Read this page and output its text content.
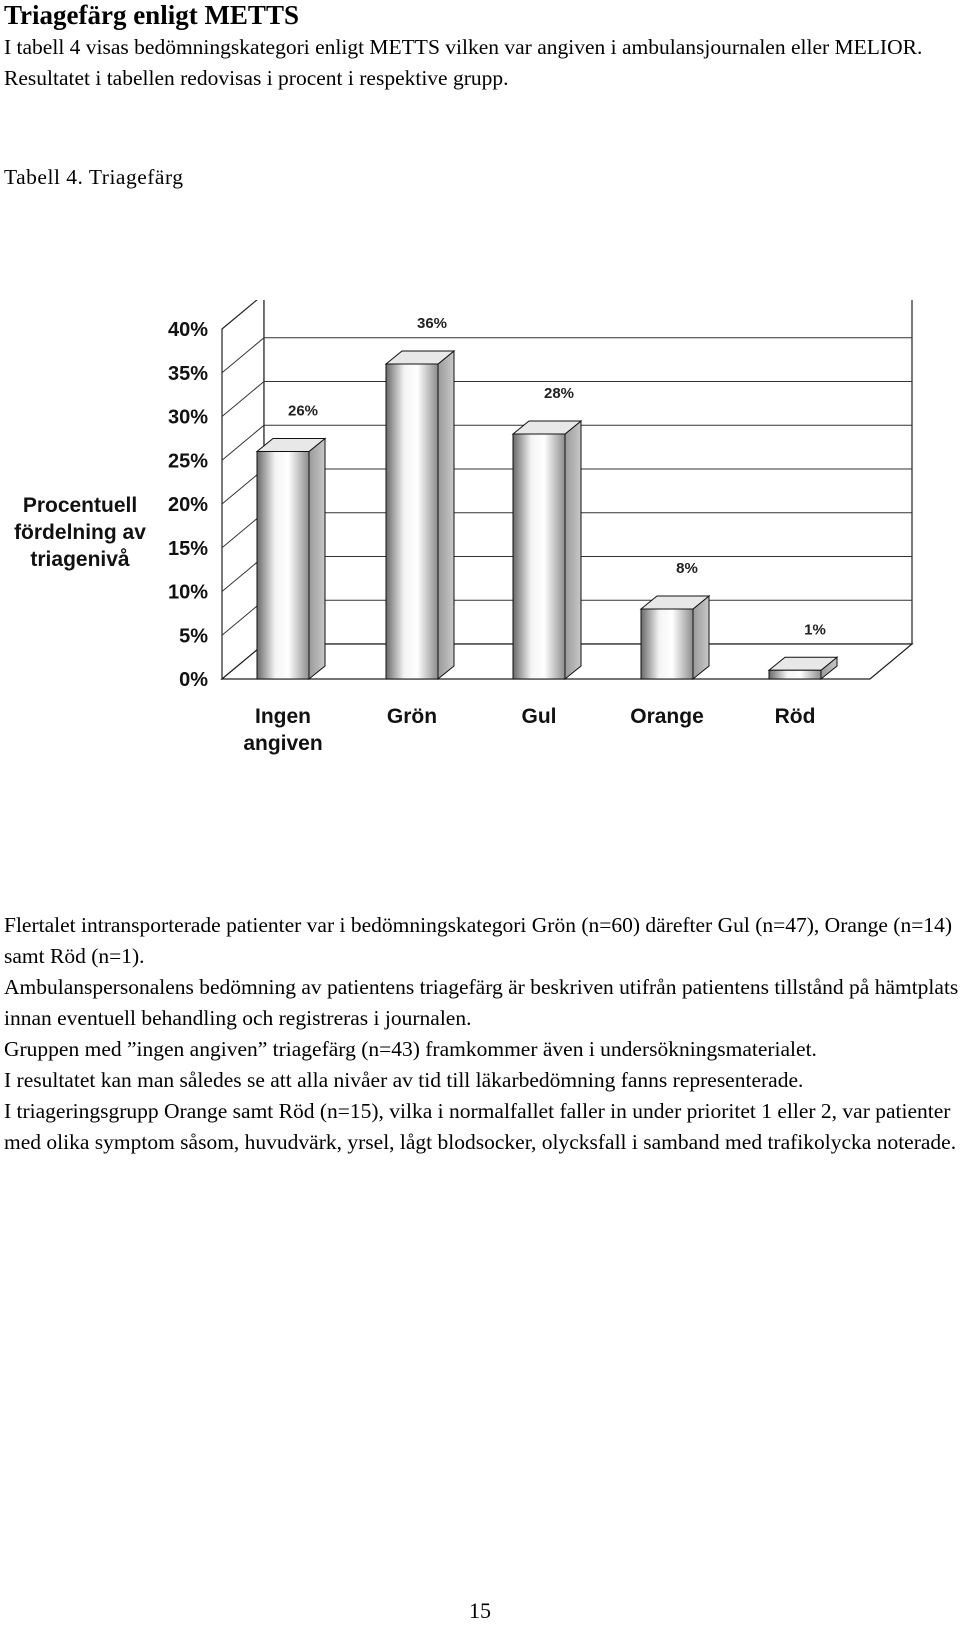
Triagefärg enligt METTS

I tabell 4 visas bedömningskategori enligt METTS vilken var angiven i ambulansjournalen eller MELIOR. Resultatet i tabellen redovisas i procent i respektive grupp.

Tabell 4. Triagefärg

Procentuell
fördelning av
triagenivå
0%
5%
10%
15%
20%
25%
30%
35%
40%
26%
36%
28%
8%
1%
Ingen
angiven
Grön	Gul	Orange	Röd

Flertalet intransporterade patienter var i bedömningskategori Grön (n=60) därefter Gul (n=47), Orange (n=14) samt Röd (n=1).

Ambulanspersonalens bedömning av patientens triagefärg är beskriven utifrån patientens tillstånd på hämtplats innan eventuell behandling och registreras i journalen.

Gruppen med ”ingen angiven” triagefärg (n=43) framkommer även i undersökningsmaterialet.

I resultatet kan man således se att alla nivåer av tid till läkarbedömning fanns representerade.

I triageringsgrupp Orange samt Röd (n=15), vilka i normalfallet faller in under prioritet 1 eller 2, var patienter med olika symptom såsom, huvudvärk, yrsel, lågt blodsocker, olycksfall i samband med trafikolycka noterade.

15
